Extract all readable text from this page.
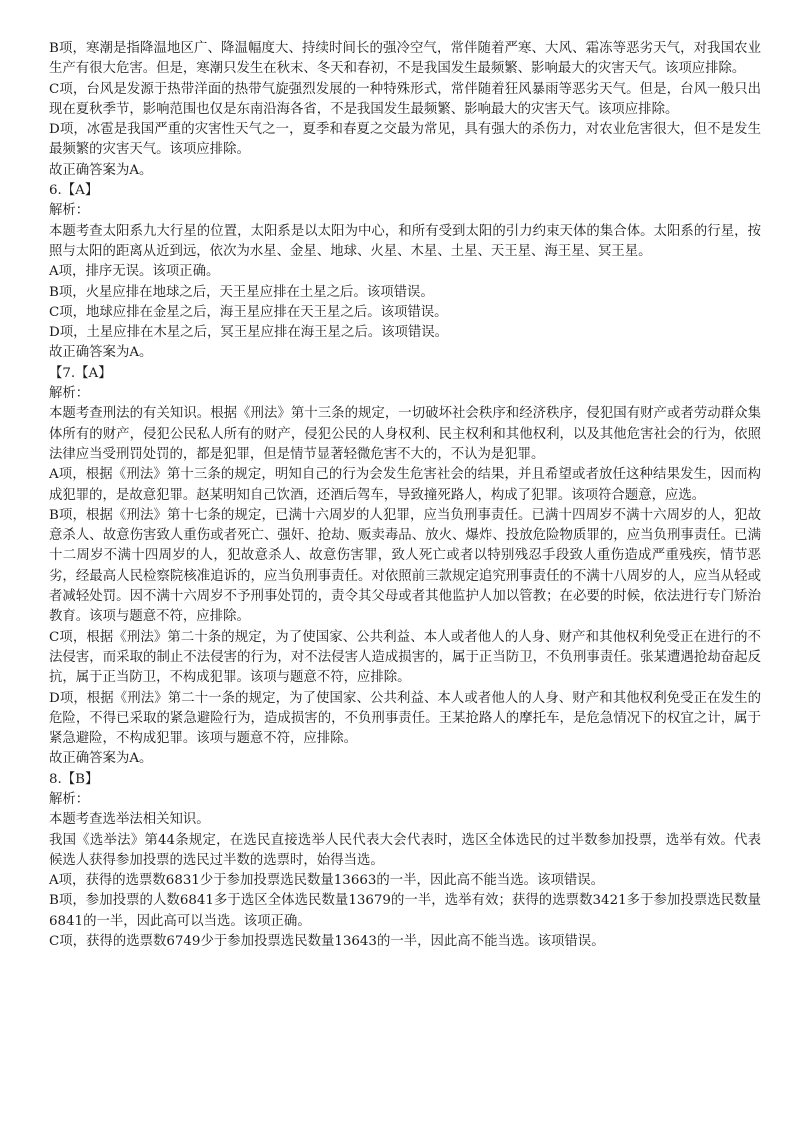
B项，寒潮是指降温地区广、降温幅度大、持续时间长的强冷空气，常伴随着严寒、大风、霜冻等恶劣天气，对我国农业生产有很大危害。但是，寒潮只发生在秋末、冬天和春初，不是我国发生最频繁、影响最大的灾害天气。该项应排除。

C项，台风是发源于热带洋面的热带气旋强烈发展的一种特殊形式，常伴随着狂风暴雨等恶劣天气。但是，台风一般只出现在夏秋季节，影响范围也仅是东南沿海各省，不是我国发生最频繁、影响最大的灾害天气。该项应排除。

D项，冰雹是我国严重的灾害性天气之一，夏季和春夏之交最为常见，具有强大的杀伤力，对农业危害很大，但不是发生最频繁的灾害天气。该项应排除。

故正确答案为A。

6.【A】

解析：

本题考查太阳系九大行星的位置，太阳系是以太阳为中心，和所有受到太阳的引力约束天体的集合体。太阳系的行星，按照与太阳的距离从近到远，依次为水星、金星、地球、火星、木星、土星、天王星、海王星、冥王星。

A项，排序无误。该项正确。

B项，火星应排在地球之后，天王星应排在土星之后。该项错误。

C项，地球应排在金星之后，海王星应排在天王星之后。该项错误。

D项，土星应排在木星之后，冥王星应排在海王星之后。该项错误。

故正确答案为A。

【7.【A】

解析：

本题考查刑法的有关知识。根据《刑法》第十三条的规定，一切破坏社会秩序和经济秩序，侵犯国有财产或者劳动群众集体所有的财产，侵犯公民私人所有的财产，侵犯公民的人身权利、民主权利和其他权利，以及其他危害社会的行为，依照法律应当受刑罚处罚的，都是犯罪，但是情节显著轻微危害不大的，不认为是犯罪。

A项，根据《刑法》第十三条的规定，明知自己的行为会发生危害社会的结果，并且希望或者放任这种结果发生，因而构成犯罪的，是故意犯罪。赵某明知自己饮酒，还酒后驾车，导致撞死路人，构成了犯罪。该项符合题意，应选。

B项，根据《刑法》第十七条的规定，已满十六周岁的人犯罪，应当负刑事责任。已满十四周岁不满十六周岁的人，犯故意杀人、故意伤害致人重伤或者死亡、强奸、抢劫、贩卖毒品、放火、爆炸、投放危险物质罪的，应当负刑事责任。已满十二周岁不满十四周岁的人，犯故意杀人、故意伤害罪，致人死亡或者以特别残忍手段致人重伤造成严重残疾，情节恶劣，经最高人民检察院核准追诉的，应当负刑事责任。对依照前三款规定追究刑事责任的不满十八周岁的人，应当从轻或者减轻处罚。因不满十六周岁不予刑事处罚的，责令其父母或者其他监护人加以管教；在必要的时候，依法进行专门矫治教育。该项与题意不符，应排除。

C项，根据《刑法》第二十条的规定，为了使国家、公共利益、本人或者他人的人身、财产和其他权利免受正在进行的不法侵害，而采取的制止不法侵害的行为，对不法侵害人造成损害的，属于正当防卫，不负刑事责任。张某遭遇抢劫奋起反抗，属于正当防卫，不构成犯罪。该项与题意不符，应排除。

D项，根据《刑法》第二十一条的规定，为了使国家、公共利益、本人或者他人的人身、财产和其他权利免受正在发生的危险，不得已采取的紧急避险行为，造成损害的，不负刑事责任。王某抢路人的摩托车，是危急情况下的权宜之计，属于紧急避险，不构成犯罪。该项与题意不符，应排除。

故正确答案为A。

8.【B】

解析：

本题考查选举法相关知识。

我国《选举法》第44条规定，在选民直接选举人民代表大会代表时，选区全体选民的过半数参加投票，选举有效。代表候选人获得参加投票的选民过半数的选票时，始得当选。

A项，获得的选票数6831少于参加投票选民数量13663的一半，因此高不能当选。该项错误。

B项，参加投票的人数6841多于选区全体选民数量13679的一半，选举有效；获得的选票数3421多于参加投票选民数量6841的一半，因此高可以当选。该项正确。

C项，获得的选票数6749少于参加投票选民数量13643的一半，因此高不能当选。该项错误。
